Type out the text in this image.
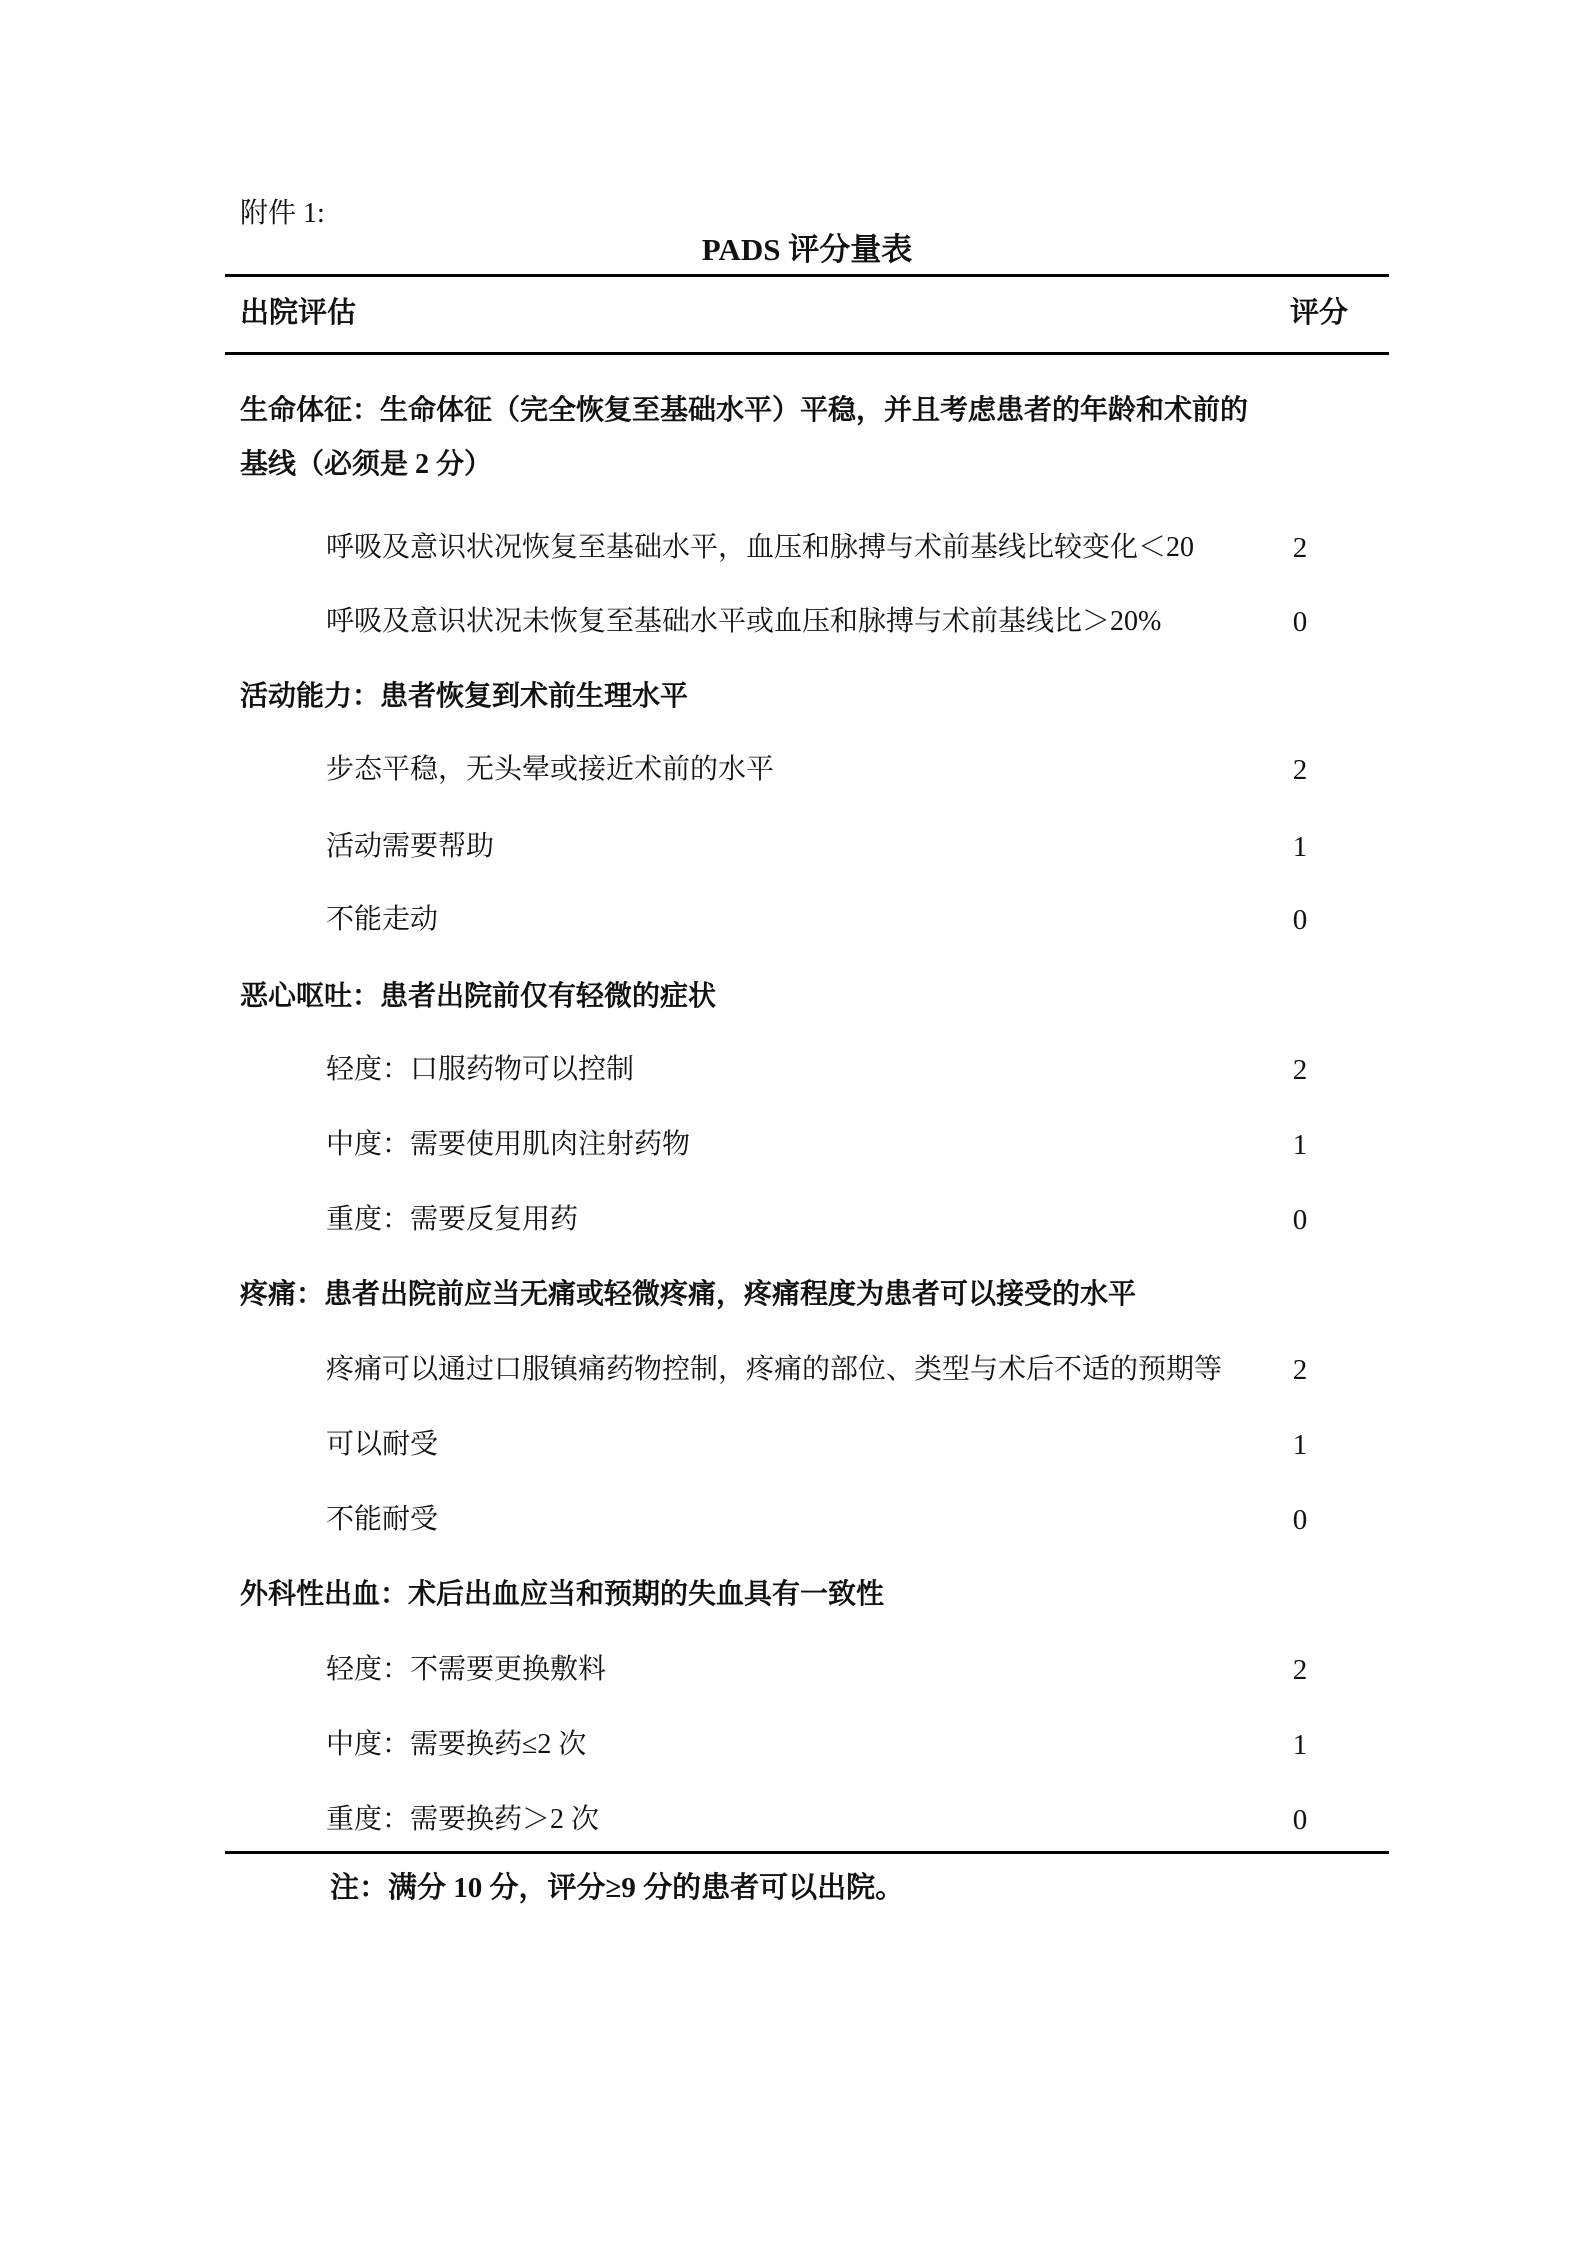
附件 1:
PADS 评分量表
出院评估	评分
生命体征：生命体征（完全恢复至基础水平）平稳，并且考虑患者的年龄和术前的
基线（必须是 2 分）
呼吸及意识状况恢复至基础水平，血压和脉搏与术前基线比较变化＜20	2
呼吸及意识状况未恢复至基础水平或血压和脉搏与术前基线比＞20%	0
活动能力：患者恢复到术前生理水平
步态平稳，无头晕或接近术前的水平	2
活动需要帮助	1
不能走动	0
恶心呕吐：患者出院前仅有轻微的症状
轻度：口服药物可以控制	2
中度：需要使用肌肉注射药物	1
重度：需要反复用药	0
疼痛：患者出院前应当无痛或轻微疼痛，疼痛程度为患者可以接受的水平
疼痛可以通过口服镇痛药物控制，疼痛的部位、类型与术后不适的预期等	2
可以耐受	1
不能耐受	0
外科性出血：术后出血应当和预期的失血具有一致性
轻度：不需要更换敷料	2
中度：需要换药≤2 次	1
重度：需要换药＞2 次	0
注：满分 10 分，评分≥9 分的患者可以出院。
